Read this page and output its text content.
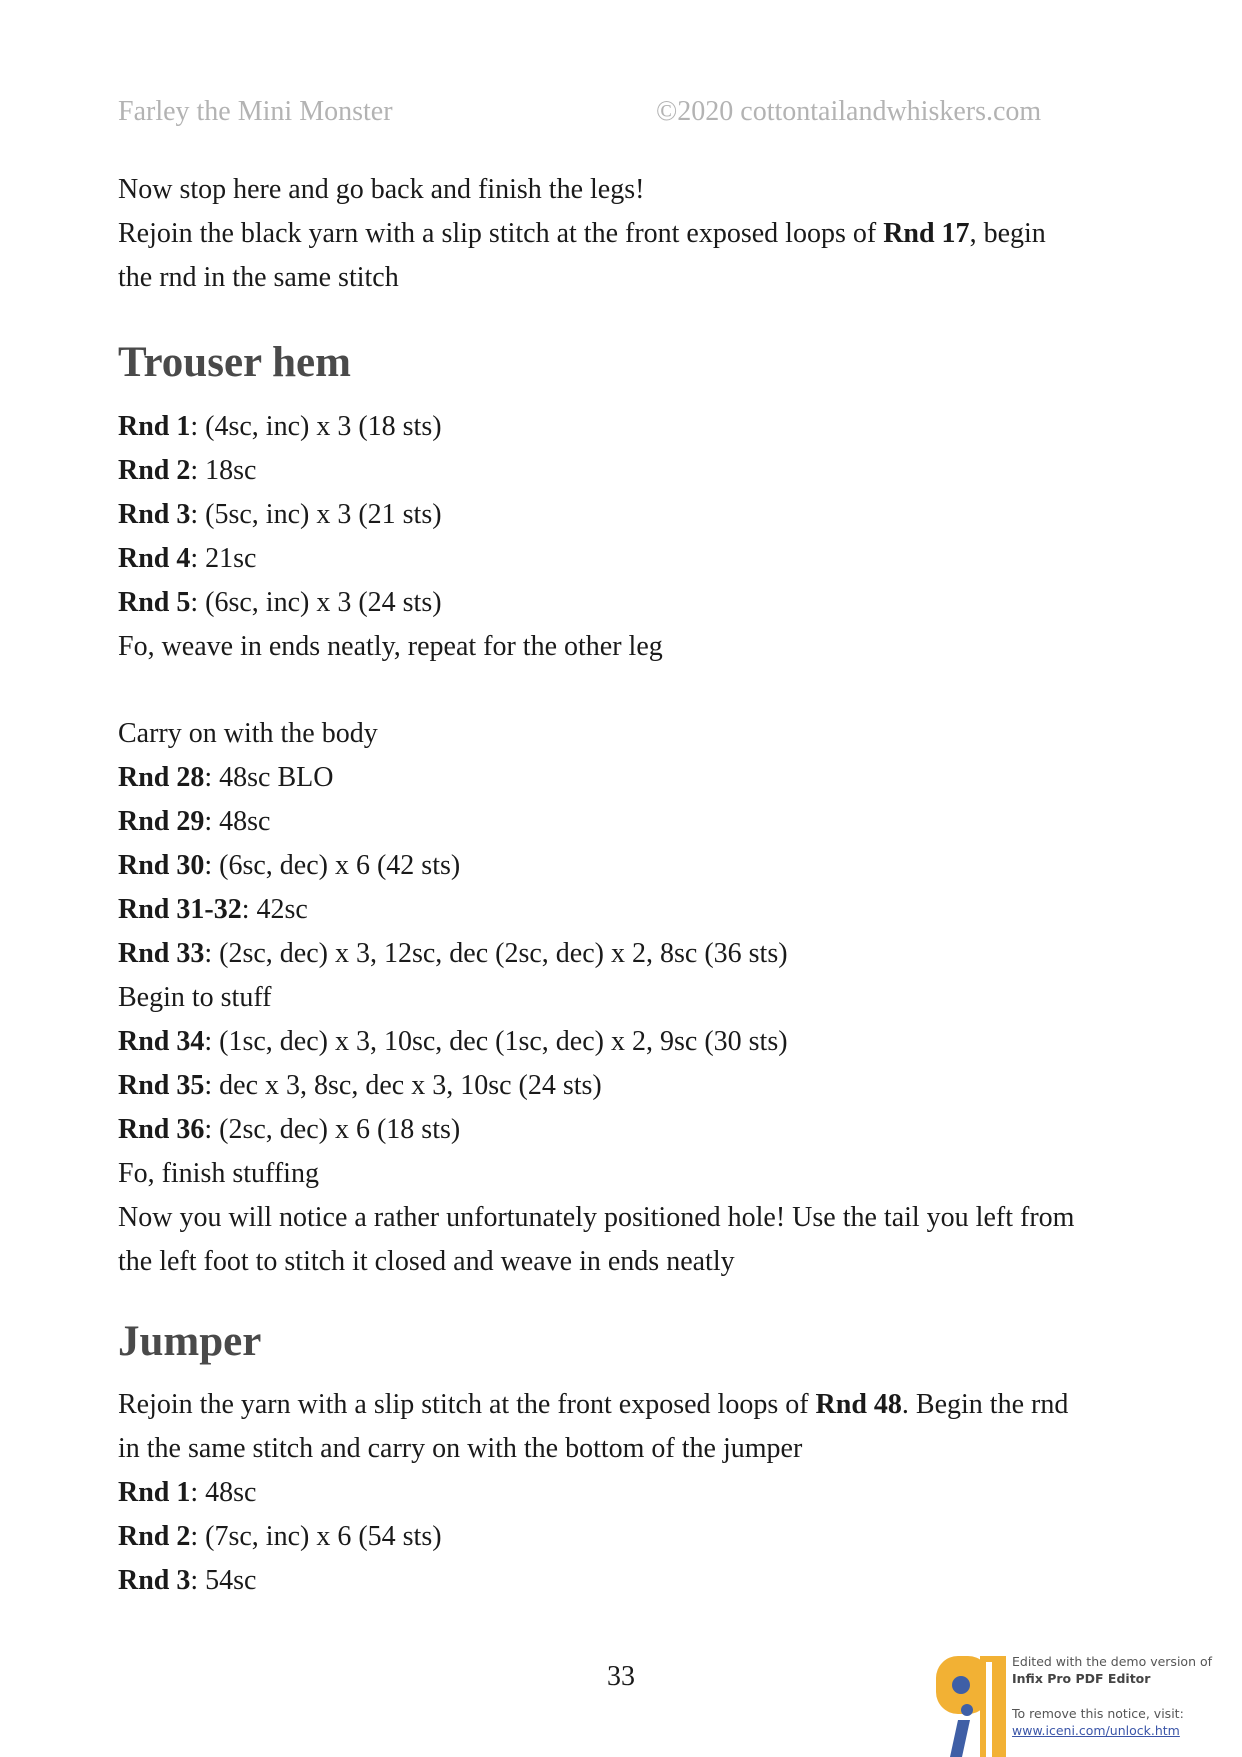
Farley the Mini Monster	©2020 cottontailandwhiskers.com
Now stop here and go back and finish the legs!
Rejoin the black yarn with a slip stitch at the front exposed loops of Rnd 17, begin
the rnd in the same stitch
Trouser hem
Rnd 1: (4sc, inc) x 3 (18 sts)
Rnd 2: 18sc
Rnd 3: (5sc, inc) x 3 (21 sts)
Rnd 4: 21sc
Rnd 5: (6sc, inc) x 3 (24 sts)
Fo, weave in ends neatly, repeat for the other leg
Carry on with the body
Rnd 28: 48sc BLO
Rnd 29: 48sc
Rnd 30: (6sc, dec) x 6 (42 sts)
Rnd 31-32: 42sc
Rnd 33: (2sc, dec) x 3, 12sc, dec (2sc, dec) x 2, 8sc (36 sts)
Begin to stuff
Rnd 34: (1sc, dec) x 3, 10sc, dec (1sc, dec) x 2, 9sc (30 sts)
Rnd 35: dec x 3, 8sc, dec x 3, 10sc (24 sts)
Rnd 36: (2sc, dec) x 6 (18 sts)
Fo, finish stuffing
Now you will notice a rather unfortunately positioned hole! Use the tail you left from
the left foot to stitch it closed and weave in ends neatly
Jumper
Rejoin the yarn with a slip stitch at the front exposed loops of Rnd 48. Begin the rnd
in the same stitch and carry on with the bottom of the jumper
Rnd 1: 48sc
Rnd 2: (7sc, inc) x 6 (54 sts)
Rnd 3: 54sc
33	Edited with the demo version of
Infix Pro PDF Editor
To remove this notice, visit:
www.iceni.com/unlock.htm
